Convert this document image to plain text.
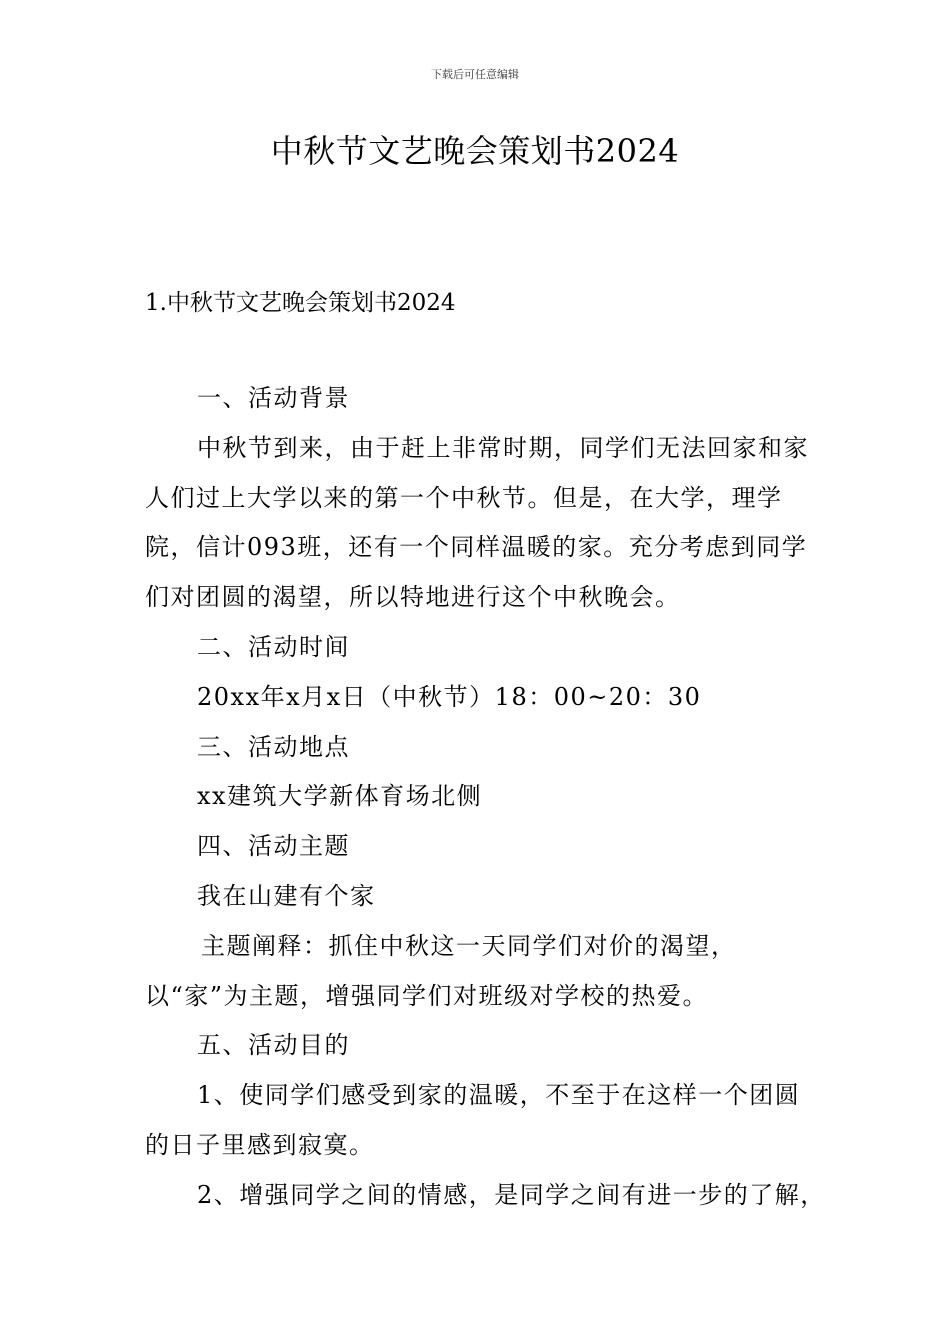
下载后可任意编辑
中秋节文艺晚会策划书2024
1.中秋节文艺晚会策划书2024

一、活动背景

中秋节到来，由于赶上非常时期，同学们无法回家和家人们过上大学以来的第一个中秋节。但是，在大学，理学院，信计093班，还有一个同样温暖的家。充分考虑到同学们对团圆的渴望，所以特地进行这个中秋晚会。

二、活动时间

20xx年x月x日（中秋节）18：00~20：30

三、活动地点

xx建筑大学新体育场北侧

四、活动主题

我在山建有个家

主题阐释：抓住中秋这一天同学们对价的渴望，以“家”为主题，增强同学们对班级对学校的热爱。

五、活动目的

1、使同学们感受到家的温暖，不至于在这样一个团圆的日子里感到寂寞。

2、增强同学之间的情感，是同学之间有进一步的了解，
